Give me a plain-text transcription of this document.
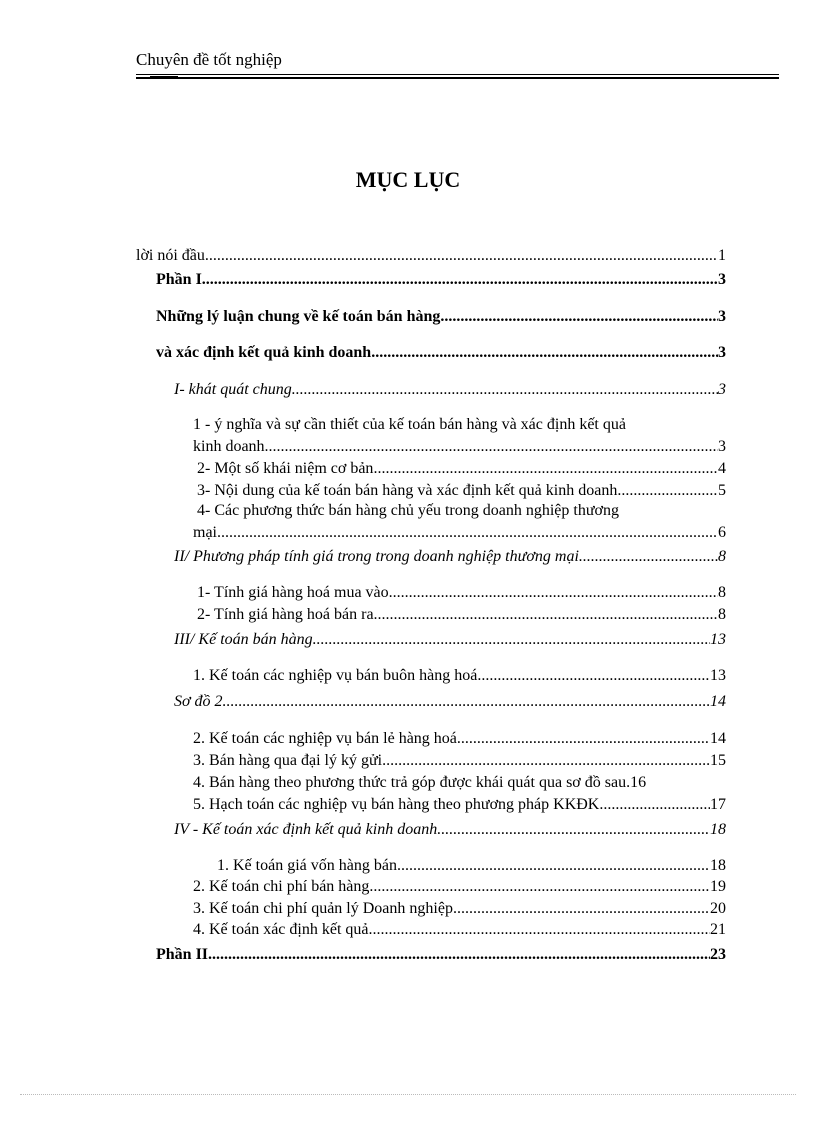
Chuyên đề tốt nghiệp
MỤC LỤC
lời nói đầu .....	1
Phần I .....	3
Những lý luận chung về kế toán bán hàng .....	3
và xác định kết quả kinh doanh .....	3
I- khát quát chung. .....	3
1 - ý nghĩa và sự cần thiết của kế toán bán hàng và xác định kết quả
kinh doanh .....	3
2- Một số khái niệm cơ bản .....	4
3- Nội dung của kế toán bán hàng và xác định kết quả kinh doanh .....	5
4- Các phương thức bán hàng chủ yếu trong doanh nghiệp thương
mại. .....	6
II/ Phương pháp tính giá trong trong doanh nghiệp thương mại. .....	8
1- Tính giá hàng hoá mua vào .....	8
2- Tính giá hàng hoá bán ra. .....	8
III/ Kế toán bán hàng .....	13
1. Kế toán các nghiệp vụ bán buôn hàng hoá .....	13
Sơ đồ 2 .....	14
2. Kế toán các nghiệp vụ bán lẻ hàng hoá .....	14
3. Bán hàng qua đại lý ký gửi. .....	15
4. Bán hàng theo phương thức trả góp được khái quát qua sơ đồ sau.16
5. Hạch toán các nghiệp vụ bán hàng theo phương pháp KKĐK. .....	17
IV - Kế toán xác định kết quả kinh doanh .....	18
1. Kế toán giá vốn hàng bán .....	18
2. Kế toán chi phí bán hàng .....	19
3. Kế toán chi phí quản lý Doanh nghiệp. .....	20
4. Kế toán xác định kết quả .....	21
Phần II .....	23
